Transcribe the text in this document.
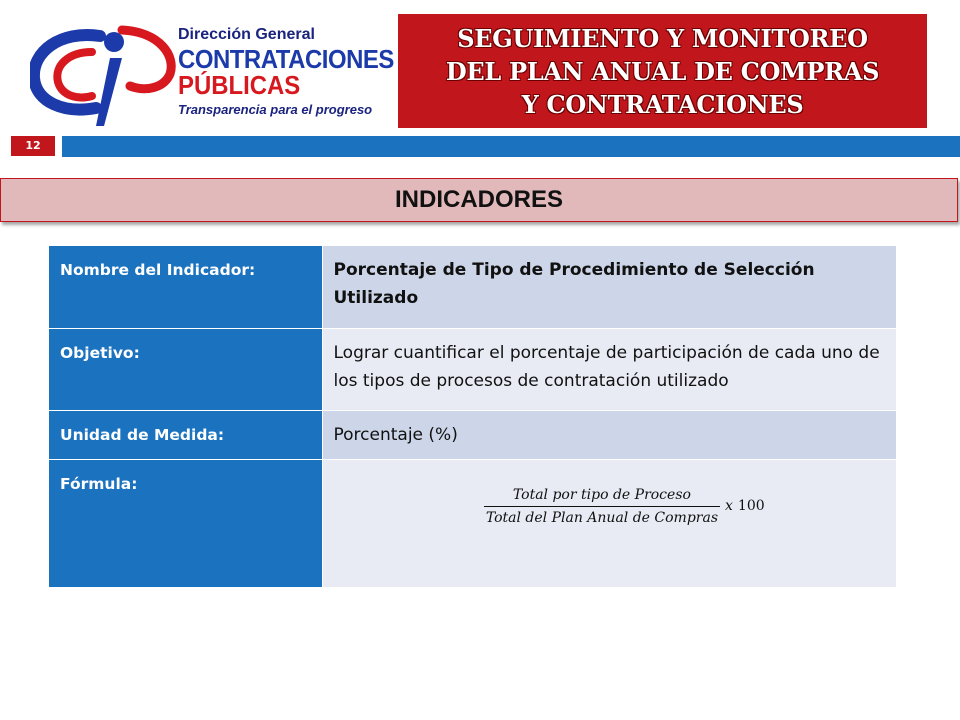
Dirección General
CONTRATACIONES
PÚBLICAS
Transparencia para el progreso
SEGUIMIENTO Y MONITOREO
DEL PLAN ANUAL DE COMPRAS
Y CONTRATACIONES
12
INDICADORES
Nombre del Indicador:	Porcentaje de Tipo de Procedimiento de Selección Utilizado
Objetivo:	Lograr cuantificar el porcentaje de participación de cada uno de los tipos de procesos de contratación utilizado
Unidad de Medida:	Porcentaje (%)
Fórmula:	$\frac{\text{Total por tipo de Proceso}}{\text{Total del Plan Anual de Compras}}$ x 100
